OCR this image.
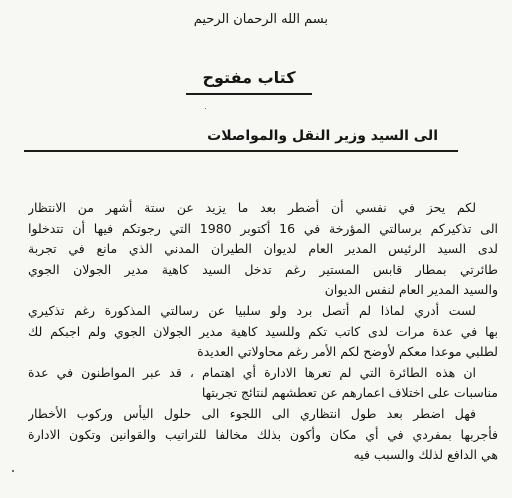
بسم الله الرحمان الرحيم
كتاب مفتوح
الى السيد وزير النقل والمواصلات
لكم يحز في نفسي أن أضطر بعد ما يزيد عن ستة أشهر من الانتظار
الى تذكيركم برسالتي المؤرخة في 16 أكتوبر 1980 التي رجوتكم فيها أن تتدخلوا
لدى السيد الرئيس المدير العام لديوان الطيران المدني الذي مانع في تجربة
طائرتي بمطار قابس المستير رغم تدخل السيد كاهية مدير الجولان الجوي
والسيد المدير العام لنفس الديوان
لست أدري لماذا لم أتصل برد ولو سلبيا عن رسالتي المذكورة رغم تذكيري
بها في عدة مرات لدى كاتب تكم وللسيد كاهية مدير الجولان الجوي ولم اجبكم لك
لطلبي موعدا معكم لأوضح لكم الأمر رغم محاولاتي العديدة
ان هذه الطائرة التي لم تعرها الادارة أي اهتمام ، قد عبر المواطنون في عدة
مناسبات على اختلاف اعمارهم عن تعطشهم لنتائج تجربتها
فهل اضطر بعد طول انتظاري الى اللجوء الى حلول اليأس وركوب الأخطار
فأجربها بمفردي في أي مكان وأكون بذلك مخالفا للتراتيب والقوانين وتكون الادارة
هي الدافع لذلك والسبب فيه
